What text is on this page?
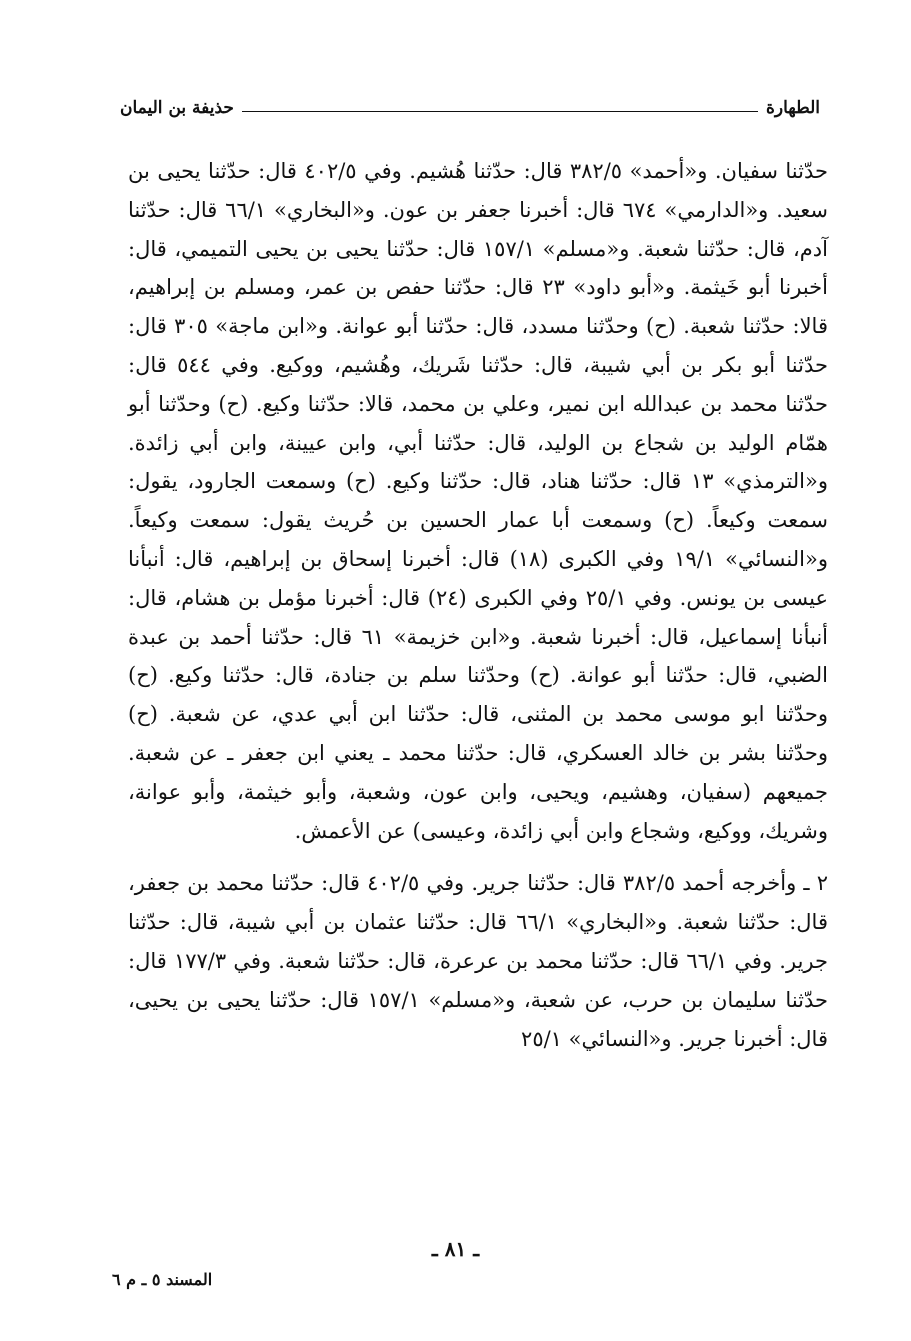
الطهارة
حذيفة بن اليمان

حدّثنا سفيان. و«أحمد» ٣٨٢/٥ قال: حدّثنا هُشيم. وفي ٤٠٢/٥ قال: حدّثنا يحيى بن سعيد. و«الدارمي» ٦٧٤ قال: أخبرنا جعفر بن عون. و«البخاري» ٦٦/١ قال: حدّثنا آدم، قال: حدّثنا شعبة. و«مسلم» ١٥٧/١ قال: حدّثنا يحيى بن يحيى التميمي، قال: أخبرنا أبو خَيثمة. و«أبو داود» ٢٣ قال: حدّثنا حفص بن عمر، ومسلم بن إبراهيم، قالا: حدّثنا شعبة. (ح) وحدّثنا مسدد، قال: حدّثنا أبو عوانة. و«ابن ماجة» ٣٠٥ قال: حدّثنا أبو بكر بن أبي شيبة، قال: حدّثنا شَريك، وهُشيم، ووكيع. وفي ٥٤٤ قال: حدّثنا محمد بن عبدالله ابن نمير، وعلي بن محمد، قالا: حدّثنا وكيع. (ح) وحدّثنا أبو همّام الوليد بن شجاع بن الوليد، قال: حدّثنا أبي، وابن عيينة، وابن أبي زائدة. و«الترمذي» ١٣ قال: حدّثنا هناد، قال: حدّثنا وكيع. (ح) وسمعت الجارود، يقول: سمعت وكيعاً. (ح) وسمعت أبا عمار الحسين بن حُريث يقول: سمعت وكيعاً. و«النسائي» ١٩/١ وفي الكبرى (١٨) قال: أخبرنا إسحاق بن إبراهيم، قال: أنبأنا عيسى بن يونس. وفي ٢٥/١ وفي الكبرى (٢٤) قال: أخبرنا مؤمل بن هشام، قال: أنبأنا إسماعيل، قال: أخبرنا شعبة. و«ابن خزيمة» ٦١ قال: حدّثنا أحمد بن عبدة الضبي، قال: حدّثنا أبو عوانة. (ح) وحدّثنا سلم بن جنادة، قال: حدّثنا وكيع. (ح) وحدّثنا ابو موسى محمد بن المثنى، قال: حدّثنا ابن أبي عدي، عن شعبة. (ح) وحدّثنا بشر بن خالد العسكري، قال: حدّثنا محمد ـ يعني ابن جعفر ـ عن شعبة. جميعهم (سفيان، وهشيم، ويحيى، وابن عون، وشعبة، وأبو خيثمة، وأبو عوانة، وشريك، ووكيع، وشجاع وابن أبي زائدة، وعيسى) عن الأعمش.

٢ ـ وأخرجه أحمد ٣٨٢/٥ قال: حدّثنا جرير. وفي ٤٠٢/٥ قال: حدّثنا محمد بن جعفر، قال: حدّثنا شعبة. و«البخاري» ٦٦/١ قال: حدّثنا عثمان بن أبي شيبة، قال: حدّثنا جرير. وفي ٦٦/١ قال: حدّثنا محمد بن عرعرة، قال: حدّثنا شعبة. وفي ١٧٧/٣ قال: حدّثنا سليمان بن حرب، عن شعبة، و«مسلم» ١٥٧/١ قال: حدّثنا يحيى بن يحيى، قال: أخبرنا جرير. و«النسائي» ٢٥/١

ـ ٨١ ـ
المسند ٥ ـ م ٦
